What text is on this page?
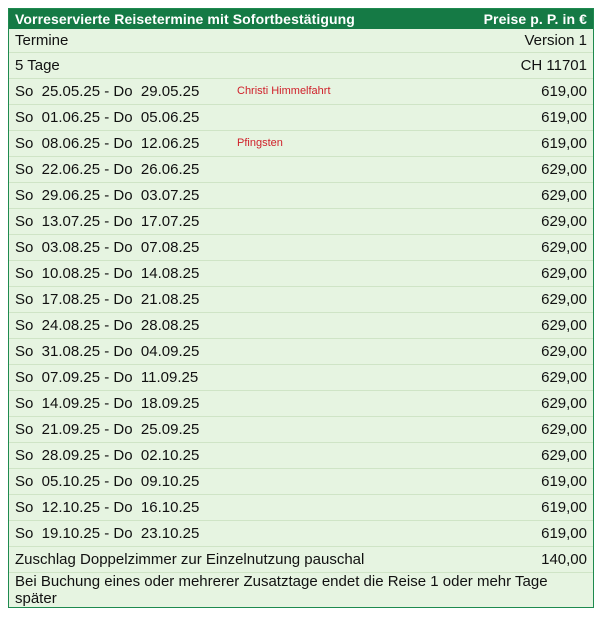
Vorreservierte Reisetermine mit Sofortbestätigung	Preise p. P. in €
Termine	Version 1
5 Tage	CH 11701
So  25.05.25 - Do  29.05.25	Christi Himmelfahrt	619,00
So  01.06.25 - Do  05.06.25	619,00
So  08.06.25 - Do  12.06.25	Pfingsten	619,00
So  22.06.25 - Do  26.06.25	629,00
So  29.06.25 - Do  03.07.25	629,00
So  13.07.25 - Do  17.07.25	629,00
So  03.08.25 - Do  07.08.25	629,00
So  10.08.25 - Do  14.08.25	629,00
So  17.08.25 - Do  21.08.25	629,00
So  24.08.25 - Do  28.08.25	629,00
So  31.08.25 - Do  04.09.25	629,00
So  07.09.25 - Do  11.09.25	629,00
So  14.09.25 - Do  18.09.25	629,00
So  21.09.25 - Do  25.09.25	629,00
So  28.09.25 - Do  02.10.25	629,00
So  05.10.25 - Do  09.10.25	619,00
So  12.10.25 - Do  16.10.25	619,00
So  19.10.25 - Do  23.10.25	619,00
Zuschlag Doppelzimmer zur Einzelnutzung pauschal	140,00
Bei Buchung eines oder mehrerer Zusatztage endet die Reise 1 oder mehr Tage später
